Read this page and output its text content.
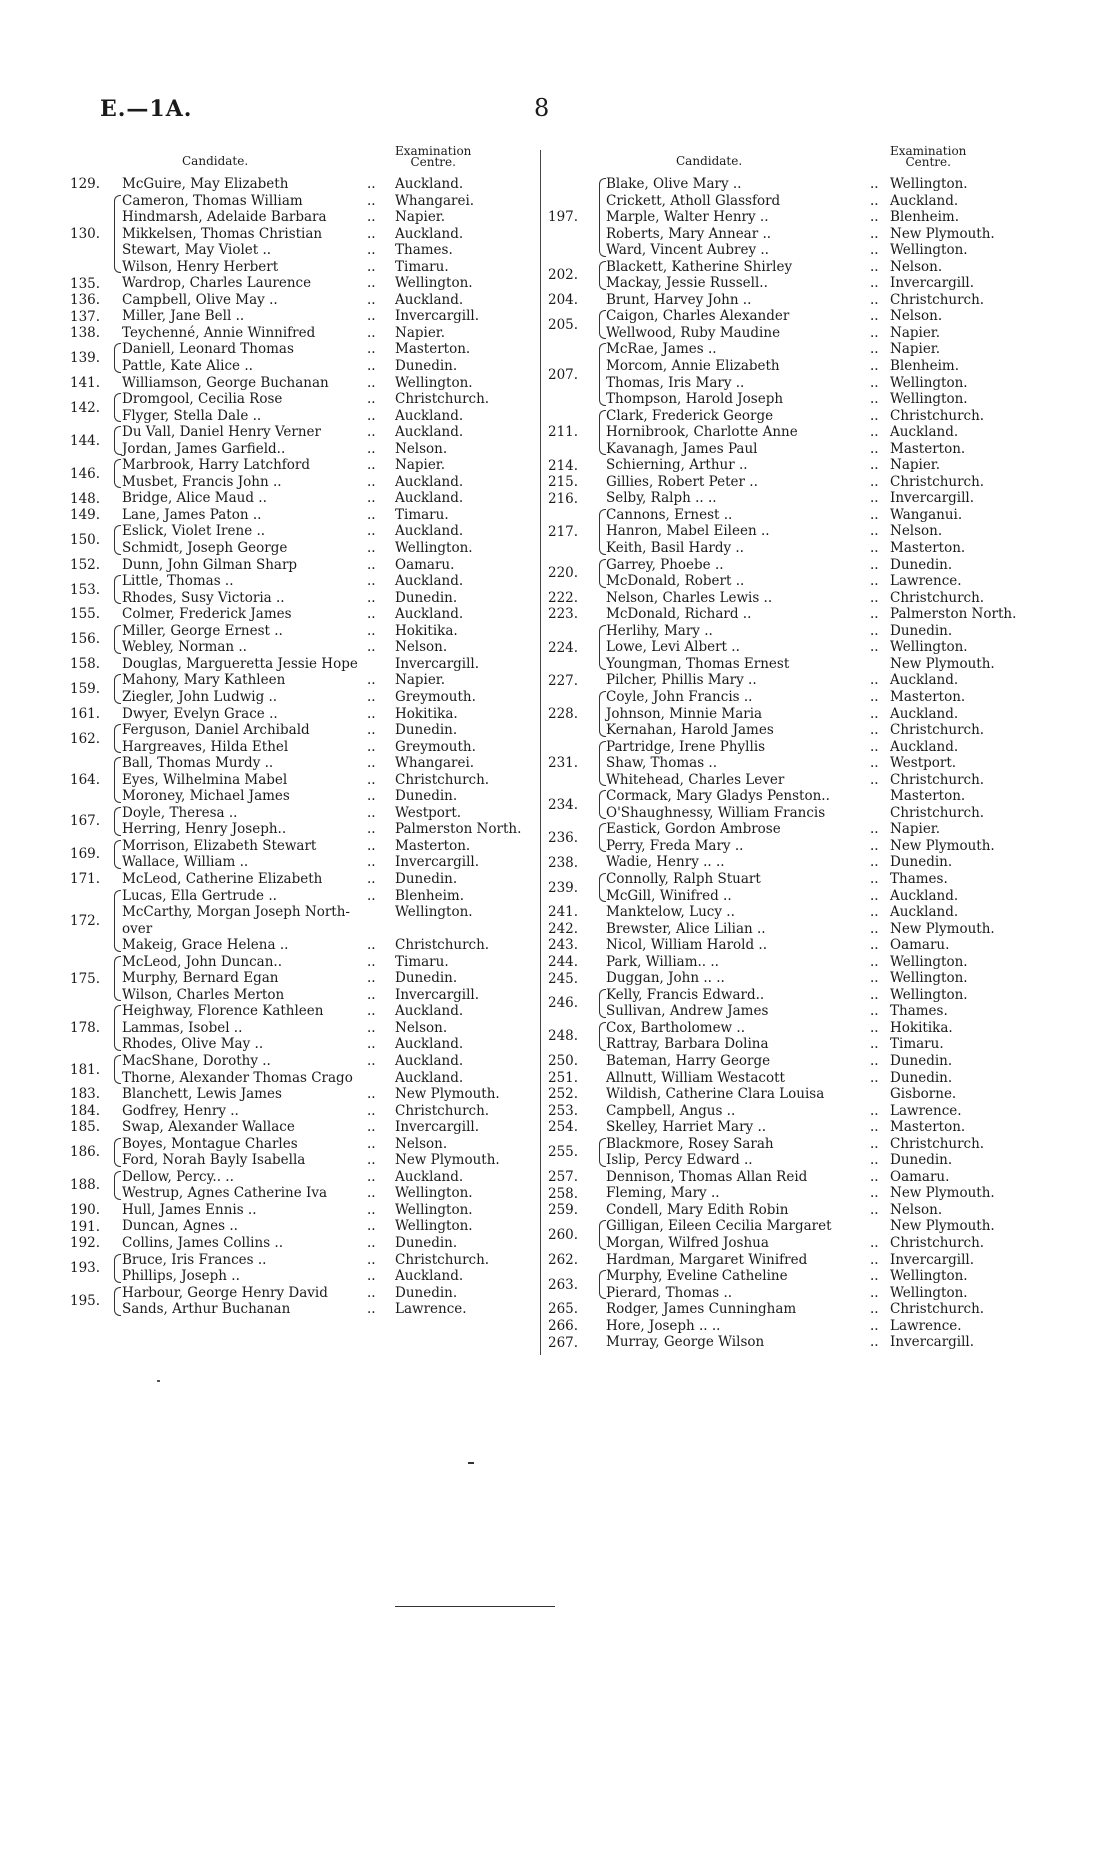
E.—1A.	8
Candidate.
Examination
Centre.
129. McGuire, May Elizabeth	.. Auckland.
130.
Cameron, Thomas William	.. Whangarei.
Hindmarsh, Adelaide Barbara	.. Napier.
Mikkelsen, Thomas Christian	.. Auckland.
Stewart, May Violet ..	.. Thames.
Wilson, Henry Herbert	.. Timaru.
135. Wardrop, Charles Laurence	.. Wellington.
136. Campbell, Olive May ..	.. Auckland.
137. Miller, Jane Bell ..	.. Invercargill.
138. Teychenné, Annie Winnifred	.. Napier.
139.
Daniell, Leonard Thomas	.. Masterton.
Pattle, Kate Alice ..	.. Dunedin.
141. Williamson, George Buchanan	.. Wellington.
142.
Dromgool, Cecilia Rose	.. Christchurch.
Flyger, Stella Dale ..	.. Auckland.
144.
Du Vall, Daniel Henry Verner	.. Auckland.
Jordan, James Garfield..	.. Nelson.
146.
Marbrook, Harry Latchford	.. Napier.
Musbet, Francis John ..	.. Auckland.
148. Bridge, Alice Maud ..	.. Auckland.
149. Lane, James Paton ..	.. Timaru.
150.
Eslick, Violet Irene ..	.. Auckland.
Schmidt, Joseph George	.. Wellington.
152. Dunn, John Gilman Sharp	.. Oamaru.
153.
Little, Thomas ..	.. Auckland.
Rhodes, Susy Victoria ..	.. Dunedin.
155. Colmer, Frederick James	.. Auckland.
156.
Miller, George Ernest ..	.. Hokitika.
Webley, Norman ..	.. Nelson.
158. Douglas, Margueretta Jessie Hope	Invercargill.
159.
Mahony, Mary Kathleen	.. Napier.
Ziegler, John Ludwig ..	.. Greymouth.
161. Dwyer, Evelyn Grace ..	.. Hokitika.
162.
Ferguson, Daniel Archibald	.. Dunedin.
Hargreaves, Hilda Ethel	.. Greymouth.
164.
Ball, Thomas Murdy ..	.. Whangarei.
Eyes, Wilhelmina Mabel	.. Christchurch.
Moroney, Michael James	.. Dunedin.
167.
Doyle, Theresa ..	.. Westport.
Herring, Henry Joseph..	.. Palmerston North.
169.
Morrison, Elizabeth Stewart	.. Masterton.
Wallace, William ..	.. Invercargill.
171. McLeod, Catherine Elizabeth	.. Dunedin.
172.
Lucas, Ella Gertrude ..	.. Blenheim.
McCarthy, Morgan Joseph North-	Wellington.
over
Makeig, Grace Helena ..	.. Christchurch.
175.
McLeod, John Duncan..	.. Timaru.
Murphy, Bernard Egan	.. Dunedin.
Wilson, Charles Merton	.. Invercargill.
178.
Heighway, Florence Kathleen	.. Auckland.
Lammas, Isobel ..	.. Nelson.
Rhodes, Olive May ..	.. Auckland.
181.
MacShane, Dorothy ..	.. Auckland.
Thorne, Alexander Thomas Crago	Auckland.
183. Blanchett, Lewis James	.. New Plymouth.
184. Godfrey, Henry ..	.. Christchurch.
185. Swap, Alexander Wallace	.. Invercargill.
186.
Boyes, Montague Charles	.. Nelson.
Ford, Norah Bayly Isabella	.. New Plymouth.
188.
Dellow, Percy.. ..	.. Auckland.
Westrup, Agnes Catherine Iva	.. Wellington.
190. Hull, James Ennis ..	.. Wellington.
191. Duncan, Agnes ..	.. Wellington.
192. Collins, James Collins ..	.. Dunedin.
193.
Bruce, Iris Frances ..	.. Christchurch.
Phillips, Joseph ..	.. Auckland.
195.
Harbour, George Henry David	.. Dunedin.
Sands, Arthur Buchanan	.. Lawrence.
Candidate.
Examination
Centre.
197.
Blake, Olive Mary ..	.. Wellington.
Crickett, Atholl Glassford	.. Auckland.
Marple, Walter Henry ..	.. Blenheim.
Roberts, Mary Annear ..	.. New Plymouth.
Ward, Vincent Aubrey ..	.. Wellington.
202.
Blackett, Katherine Shirley	.. Nelson.
Mackay, Jessie Russell..	.. Invercargill.
204. Brunt, Harvey John ..	.. Christchurch.
205.
Caigon, Charles Alexander	.. Nelson.
Wellwood, Ruby Maudine	.. Napier.
207.
McRae, James ..	.. Napier.
Morcom, Annie Elizabeth	.. Blenheim.
Thomas, Iris Mary ..	.. Wellington.
Thompson, Harold Joseph	.. Wellington.
211.
Clark, Frederick George	.. Christchurch.
Hornibrook, Charlotte Anne	.. Auckland.
Kavanagh, James Paul	.. Masterton.
214. Schierning, Arthur ..	.. Napier.
215. Gillies, Robert Peter ..	.. Christchurch.
216. Selby, Ralph .. ..	.. Invercargill.
217.
Cannons, Ernest ..	.. Wanganui.
Hanron, Mabel Eileen ..	.. Nelson.
Keith, Basil Hardy ..	.. Masterton.
220.
Garrey, Phoebe ..	.. Dunedin.
McDonald, Robert ..	.. Lawrence.
222. Nelson, Charles Lewis ..	.. Christchurch.
223. McDonald, Richard ..	.. Palmerston North.
224.
Herlihy, Mary ..	.. Dunedin.
Lowe, Levi Albert ..	.. Wellington.
Youngman, Thomas Ernest	New Plymouth.
227. Pilcher, Phillis Mary ..	.. Auckland.
228.
Coyle, John Francis ..	.. Masterton.
Johnson, Minnie Maria	.. Auckland.
Kernahan, Harold James	.. Christchurch.
231.
Partridge, Irene Phyllis	.. Auckland.
Shaw, Thomas ..	.. Westport.
Whitehead, Charles Lever	.. Christchurch.
234.
Cormack, Mary Gladys Penston..	Masterton.
O'Shaughnessy, William Francis	Christchurch.
236.
Eastick, Gordon Ambrose	.. Napier.
Perry, Freda Mary ..	.. New Plymouth.
238. Wadie, Henry .. ..	.. Dunedin.
239.
Connolly, Ralph Stuart	.. Thames.
McGill, Winifred ..	.. Auckland.
241. Manktelow, Lucy ..	.. Auckland.
242. Brewster, Alice Lilian ..	.. New Plymouth.
243. Nicol, William Harold ..	.. Oamaru.
244. Park, William.. ..	.. Wellington.
245. Duggan, John .. ..	.. Wellington.
246.
Kelly, Francis Edward..	.. Wellington.
Sullivan, Andrew James	.. Thames.
248.
Cox, Bartholomew ..	.. Hokitika.
Rattray, Barbara Dolina	.. Timaru.
250. Bateman, Harry George	.. Dunedin.
251. Allnutt, William Westacott	.. Dunedin.
252. Wildish, Catherine Clara Louisa	Gisborne.
253. Campbell, Angus ..	.. Lawrence.
254. Skelley, Harriet Mary ..	.. Masterton.
255.
Blackmore, Rosey Sarah	.. Christchurch.
Islip, Percy Edward ..	.. Dunedin.
257. Dennison, Thomas Allan Reid	.. Oamaru.
258. Fleming, Mary ..	.. New Plymouth.
259. Condell, Mary Edith Robin	.. Nelson.
260.
Gilligan, Eileen Cecilia Margaret	New Plymouth.
Morgan, Wilfred Joshua	.. Christchurch.
262. Hardman, Margaret Winifred	.. Invercargill.
263.
Murphy, Eveline Catheline	.. Wellington.
Pierard, Thomas ..	.. Wellington.
265. Rodger, James Cunningham	.. Christchurch.
266. Hore, Joseph .. ..	.. Lawrence.
267. Murray, George Wilson	.. Invercargill.
